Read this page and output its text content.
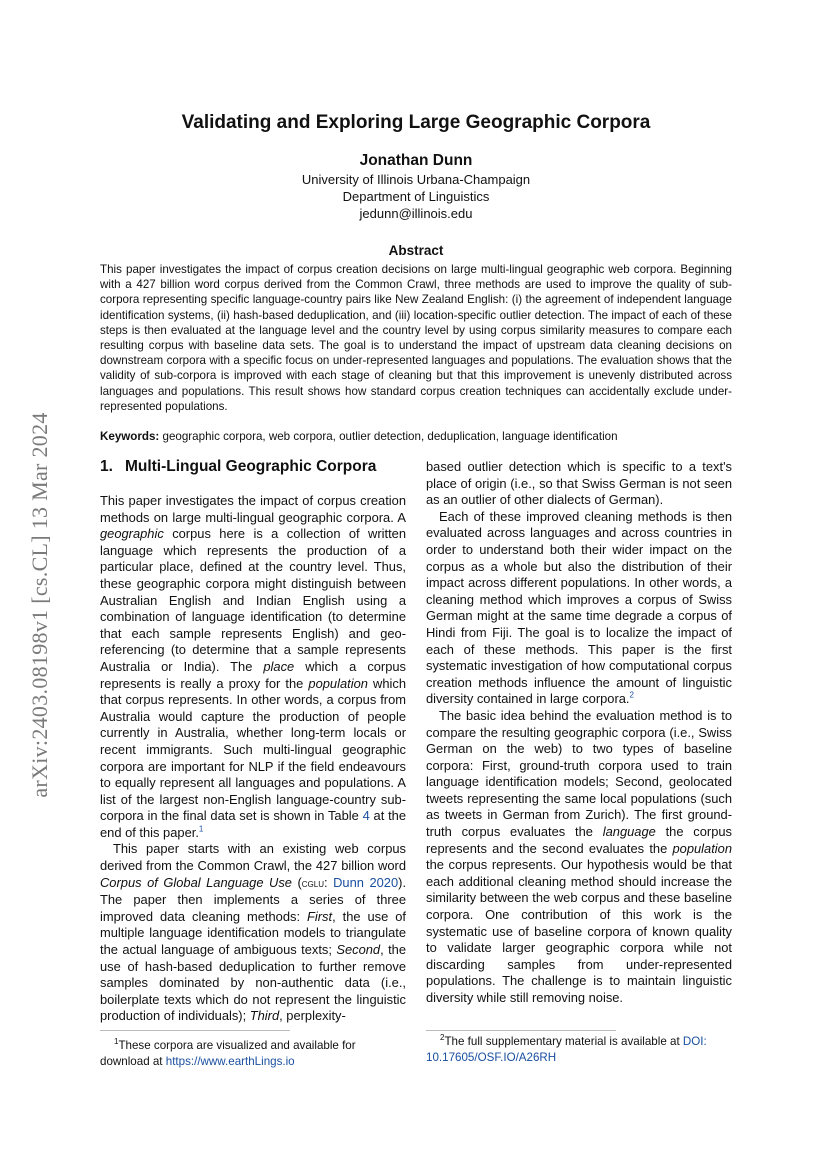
arXiv:2403.08198v1 [cs.CL] 13 Mar 2024
Validating and Exploring Large Geographic Corpora
Jonathan Dunn
University of Illinois Urbana-Champaign
Department of Linguistics
jedunn@illinois.edu
Abstract

This paper investigates the impact of corpus creation decisions on large multi-lingual geographic web corpora. Beginning with a 427 billion word corpus derived from the Common Crawl, three methods are used to improve the quality of sub-corpora representing specific language-country pairs like New Zealand English: (i) the agreement of independent language identification systems, (ii) hash-based deduplication, and (iii) location-specific outlier detection. The impact of each of these steps is then evaluated at the language level and the country level by using corpus similarity measures to compare each resulting corpus with baseline data sets. The goal is to understand the impact of upstream data cleaning decisions on downstream corpora with a specific focus on under-represented languages and populations. The evaluation shows that the validity of sub-corpora is improved with each stage of cleaning but that this improvement is unevenly distributed across languages and populations. This result shows how standard corpus creation techniques can accidentally exclude under-represented populations.

Keywords: geographic corpora, web corpora, outlier detection, deduplication, language identification

1. Multi-Lingual Geographic Corpora

This paper investigates the impact of corpus creation methods on large multi-lingual geographic corpora. A geographic corpus here is a collection of written language which represents the production of a particular place, defined at the country level. Thus, these geographic corpora might distinguish between Australian English and Indian English using a combination of language identification (to determine that each sample represents English) and geo-referencing (to determine that a sample represents Australia or India). The place which a corpus represents is really a proxy for the population which that corpus represents. In other words, a corpus from Australia would capture the production of people currently in Australia, whether long-term locals or recent immigrants. Such multi-lingual geographic corpora are important for NLP if the field endeavours to equally represent all languages and populations. A list of the largest non-English language-country sub-corpora in the final data set is shown in Table 4 at the end of this paper.$^1$

This paper starts with an existing web corpus derived from the Common Crawl, the 427 billion word Corpus of Global Language Use (cglu: Dunn 2020). The paper then implements a series of three improved data cleaning methods: First, the use of multiple language identification models to triangulate the actual language of ambiguous texts; Second, the use of hash-based deduplication to further remove samples dominated by non-authentic data (i.e., boilerplate texts which do not represent the linguistic production of individuals); Third, perplexity-

based outlier detection which is specific to a text's place of origin (i.e., so that Swiss German is not seen as an outlier of other dialects of German).

Each of these improved cleaning methods is then evaluated across languages and across countries in order to understand both their wider impact on the corpus as a whole but also the distribution of their impact across different populations. In other words, a cleaning method which improves a corpus of Swiss German might at the same time degrade a corpus of Hindi from Fiji. The goal is to localize the impact of each of these methods. This paper is the first systematic investigation of how computational corpus creation methods influence the amount of linguistic diversity contained in large corpora.$^2$

The basic idea behind the evaluation method is to compare the resulting geographic corpora (i.e., Swiss German on the web) to two types of baseline corpora: First, ground-truth corpora used to train language identification models; Second, geolocated tweets representing the same local populations (such as tweets in German from Zurich). The first ground-truth corpus evaluates the language the corpus represents and the second evaluates the population the corpus represents. Our hypothesis would be that each additional cleaning method should increase the similarity between the web corpus and these baseline corpora. One contribution of this work is the systematic use of baseline corpora of known quality to validate larger geographic corpora while not discarding samples from under-represented populations. The challenge is to maintain linguistic diversity while still removing noise.

$^1$These corpora are visualized and available for download at https://www.earthLings.io

$^2$The full supplementary material is available at DOI: 10.17605/OSF.IO/A26RH
